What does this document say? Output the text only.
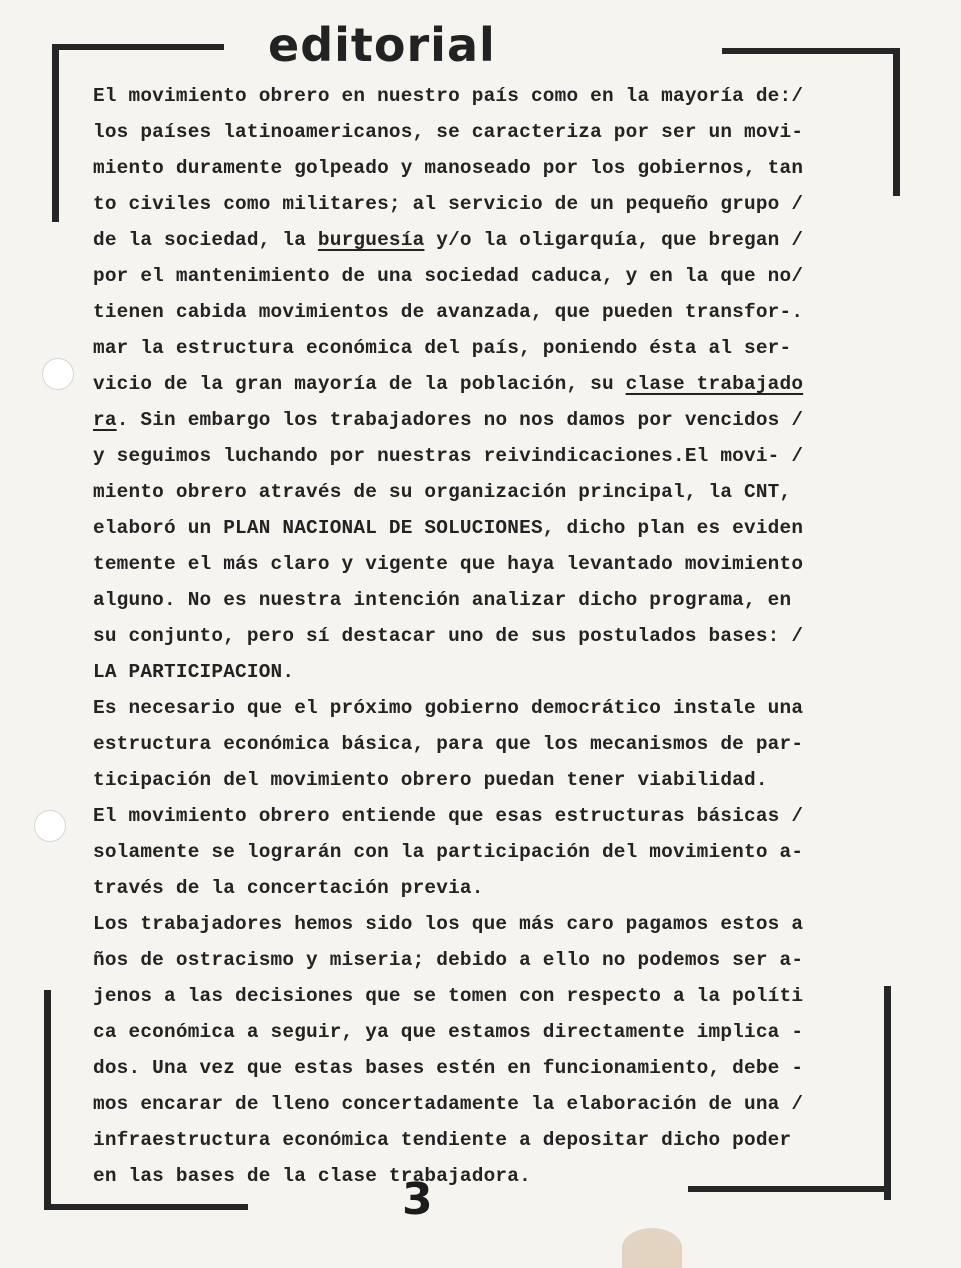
editorial
El movimiento obrero en nuestro país como en la mayoría de:/
los países latinoamericanos, se caracteriza por ser un movi-
miento duramente golpeado y manoseado por los gobiernos, tan
to civiles como militares; al servicio de un pequeño grupo /
de la sociedad, la burguesía y/o la oligarquía, que bregan /
por el mantenimiento de una sociedad caduca, y en la que no/
tienen cabida movimientos de avanzada, que pueden transfor-.
mar la estructura económica del país, poniendo ésta al ser-
vicio de la gran mayoría de la población, su clase trabajado
ra. Sin embargo los trabajadores no nos damos por vencidos /
y seguimos luchando por nuestras reivindicaciones.El movi- /
miento obrero através de su organización principal, la CNT,
elaboró un PLAN NACIONAL DE SOLUCIONES, dicho plan es eviden
temente el más claro y vigente que haya levantado movimiento
alguno. No es nuestra intención analizar dicho programa, en
su conjunto, pero sí destacar uno de sus postulados bases: /
LA PARTICIPACION.
Es necesario que el próximo gobierno democrático instale una
estructura económica básica, para que los mecanismos de par-
ticipación del movimiento obrero puedan tener viabilidad.
El movimiento obrero entiende que esas estructuras básicas /
solamente se lograrán con la participación del movimiento a-
través de la concertación previa.
Los trabajadores hemos sido los que más caro pagamos estos a
ños de ostracismo y miseria; debido a ello no podemos ser a-
jenos a las decisiones que se tomen con respecto a la políti
ca económica a seguir, ya que estamos directamente implica -
dos. Una vez que estas bases estén en funcionamiento, debe -
mos encarar de lleno concertadamente la elaboración de una /
infraestructura económica tendiente a depositar dicho poder
en las bases de la clase trabajadora.
3
